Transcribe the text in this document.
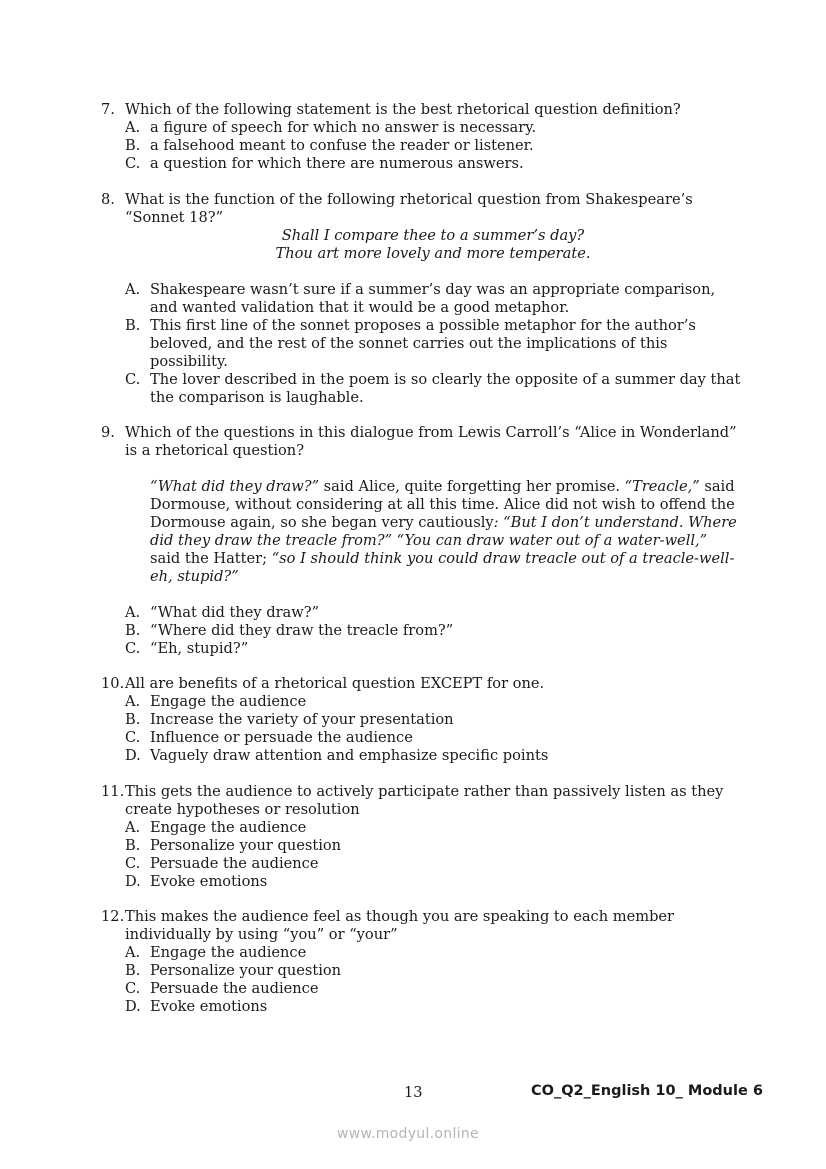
7. Which of the following statement is the best rhetorical question definition?
A. a figure of speech for which no answer is necessary.
B. a falsehood meant to confuse the reader or listener.
C. a question for which there are numerous answers.
8. What is the function of the following rhetorical question from Shakespeare’s “Sonnet 18?”
Shall I compare thee to a summer’s day?
Thou art more lovely and more temperate.
A. Shakespeare wasn’t sure if a summer’s day was an appropriate comparison, and wanted validation that it would be a good metaphor.
B. This first line of the sonnet proposes a possible metaphor for the author’s beloved, and the rest of the sonnet carries out the implications of this possibility.
C. The lover described in the poem is so clearly the opposite of a summer day that the comparison is laughable.
9. Which of the questions in this dialogue from Lewis Carroll’s “Alice in Wonderland” is a rhetorical question?
“What did they draw?” said Alice, quite forgetting her promise. “Treacle,” said Dormouse, without considering at all this time. Alice did not wish to offend the Dormouse again, so she began very cautiously: “But I don’t understand. Where did they draw the treacle from?” “You can draw water out of a water-well,” said the Hatter; “so I should think you could draw treacle out of a treacle-well-eh, stupid?”
A. “What did they draw?”
B. “Where did they draw the treacle from?”
C. “Eh, stupid?”
10. All are benefits of a rhetorical question EXCEPT for one.
A. Engage the audience
B. Increase the variety of your presentation
C. Influence or persuade the audience
D. Vaguely draw attention and emphasize specific points
11. This gets the audience to actively participate rather than passively listen as they create hypotheses or resolution
A. Engage the audience
B. Personalize your question
C. Persuade the audience
D. Evoke emotions
12. This makes the audience feel as though you are speaking to each member individually by using “you” or “your”
A. Engage the audience
B. Personalize your question
C. Persuade the audience
D. Evoke emotions
13	CO_Q2_English 10_ Module 6
www.modyul.online
